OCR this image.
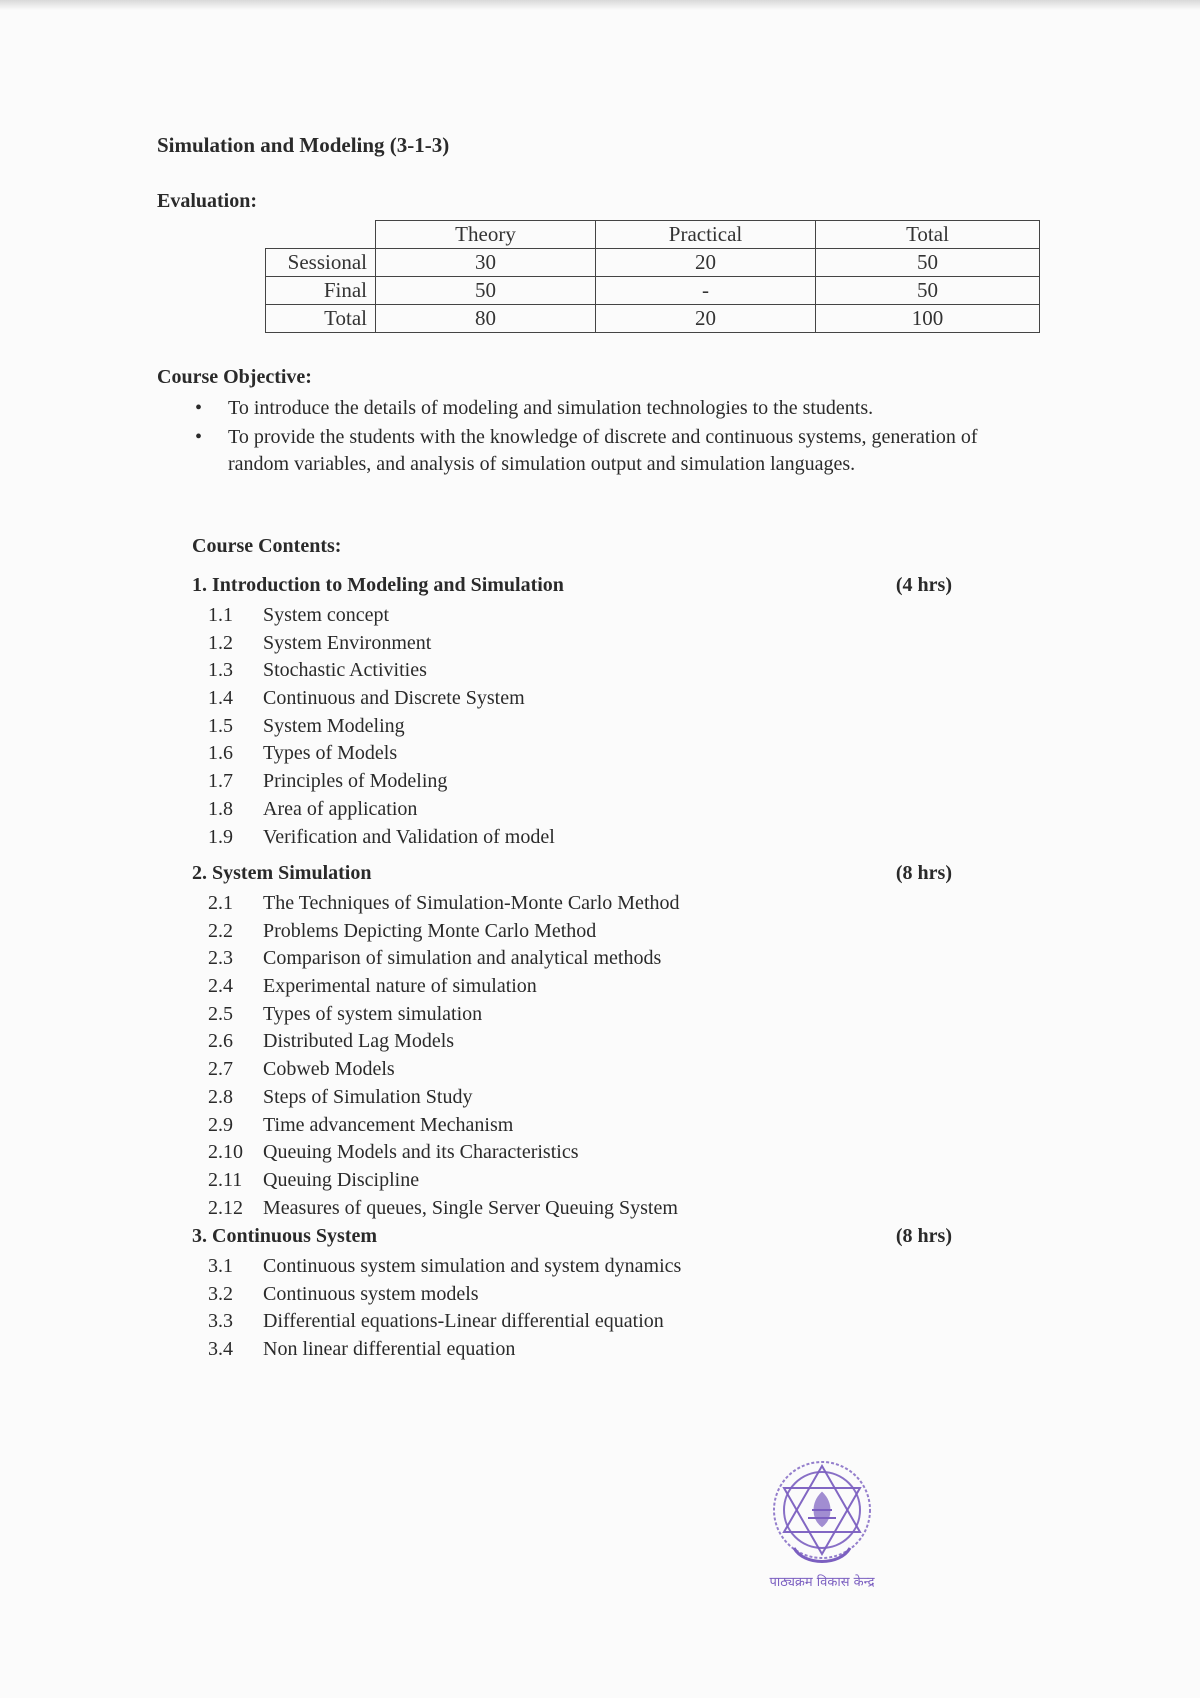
Simulation and Modeling (3-1-3)
Evaluation:
	Theory	Practical	Total
Sessional	30	20	50
Final	50	-	50
Total	80	20	100
Course Objective:
• To introduce the details of modeling and simulation technologies to the students.
• To provide the students with the knowledge of discrete and continuous systems, generation of random variables, and analysis of simulation output and simulation languages.
Course Contents:
1. Introduction to Modeling and Simulation	(4 hrs)
1.1 System concept
1.2 System Environment
1.3 Stochastic Activities
1.4 Continuous and Discrete System
1.5 System Modeling
1.6 Types of Models
1.7 Principles of Modeling
1.8 Area of application
1.9 Verification and Validation of model
2. System Simulation	(8 hrs)
2.1 The Techniques of Simulation-Monte Carlo Method
2.2 Problems Depicting Monte Carlo Method
2.3 Comparison of simulation and analytical methods
2.4 Experimental nature of simulation
2.5 Types of system simulation
2.6 Distributed Lag Models
2.7 Cobweb Models
2.8 Steps of Simulation Study
2.9 Time advancement Mechanism
2.10 Queuing Models and its Characteristics
2.11 Queuing Discipline
2.12 Measures of queues, Single Server Queuing System
3. Continuous System	(8 hrs)
3.1 Continuous system simulation and system dynamics
3.2 Continuous system models
3.3 Differential equations-Linear differential equation
3.4 Non linear differential equation
पाठ्यक्रम विकास केन्द्र
